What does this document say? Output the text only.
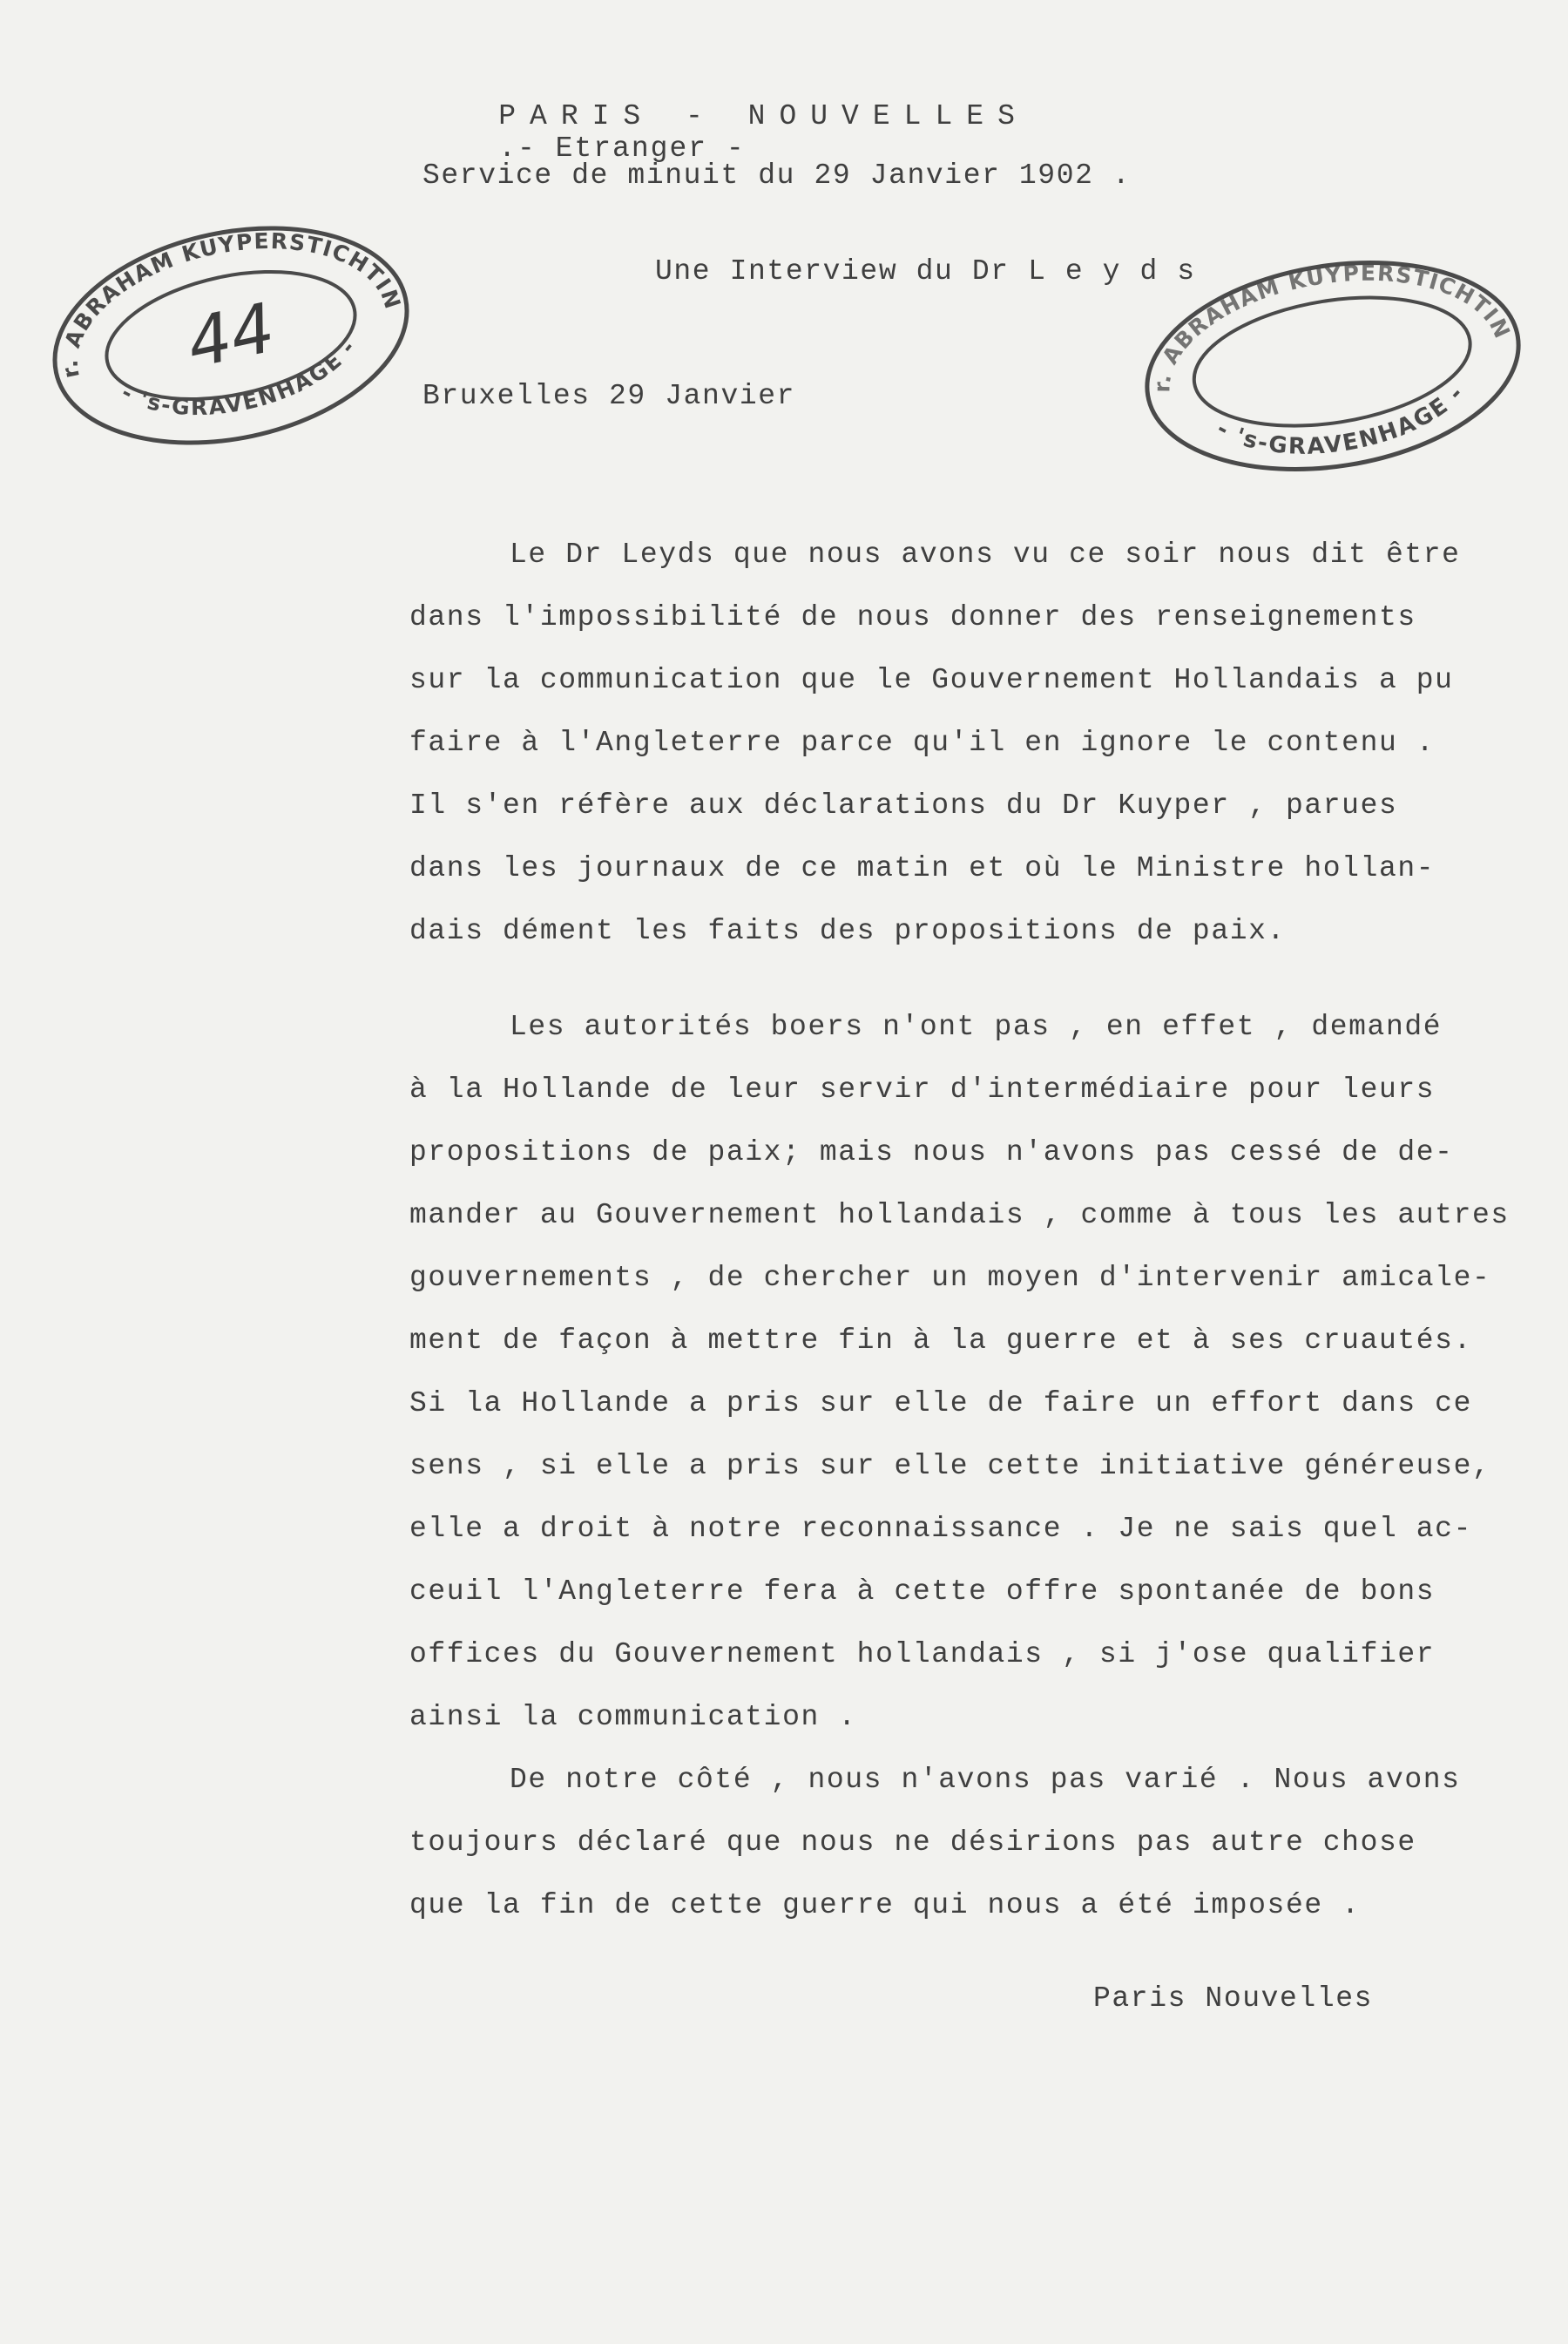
PARIS - NOUVELLES
.- Etranger -

Service de minuit du 29 Janvier 1902 .
Une Interview du Dr L e y d s
Bruxelles 29 Janvier
Le Dr Leyds que nous avons vu ce soir nous dit être
dans l'impossibilité de nous donner des renseignements
sur la communication que le Gouvernement Hollandais a pu
faire à l'Angleterre parce qu'il en ignore le contenu .
Il s'en réfère aux déclarations du Dr Kuyper , parues
dans les journaux de ce matin et où le Ministre hollan-
dais dément les faits des propositions de paix.
Les autorités boers n'ont pas , en effet , demandé
à la Hollande de leur servir d'intermédiaire pour leurs
propositions de paix; mais nous n'avons pas cessé de de-
mander au Gouvernement hollandais , comme à tous les autres
gouvernements , de chercher un moyen d'intervenir amicale-
ment de façon à mettre fin à la guerre et à ses cruautés.
Si la Hollande a pris sur elle de faire un effort dans ce
sens , si elle a pris sur elle cette initiative généreuse,
elle a droit à notre reconnaissance . Je ne sais quel ac-
ceuil l'Angleterre fera à cette offre spontanée de bons
offices du Gouvernement hollandais , si j'ose qualifier
ainsi la communication .
De notre côté , nous n'avons pas varié . Nous avons
toujours déclaré que nous ne désirions pas autre chose
que la fin de cette guerre qui nous a été imposée .
Paris Nouvelles
Dr. ABRAHAM KUYPERSTICHTING
- 's-GRAVENHAGE -
44
Dr. ABRAHAM KUYPERSTICHTING
- 's-GRAVENHAGE -
